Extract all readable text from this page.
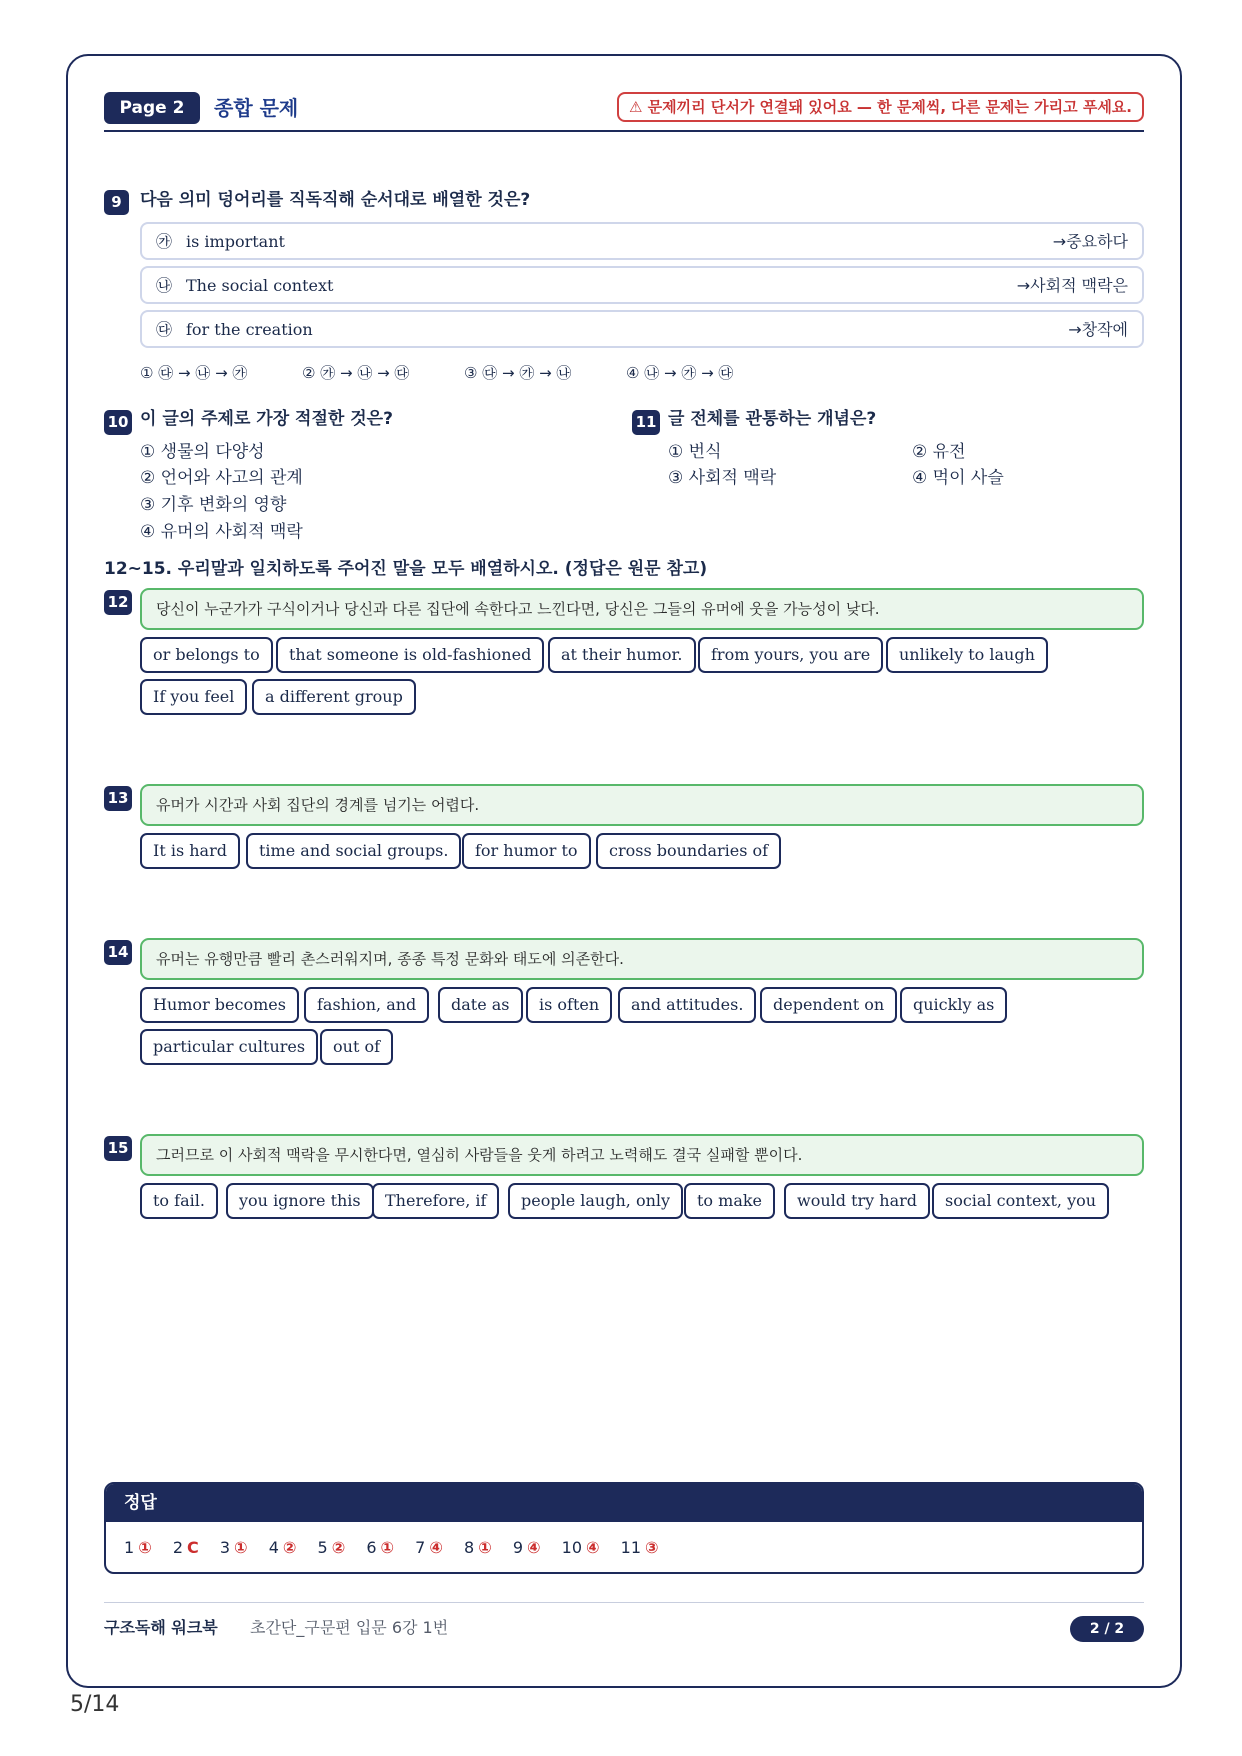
Page 2	종합 문제	⚠ 문제끼리 단서가 연결돼 있어요 — 한 문제씩, 다른 문제는 가리고 푸세요.
9	다음 의미 덩어리를 직독직해 순서대로 배열한 것은?
㉮ is important	→중요하다
㉯ The social context	→사회적 맥락은
㉰ for the creation	→창작에
① ㉰ → ㉯ → ㉮	② ㉮ → ㉯ → ㉰	③ ㉰ → ㉮ → ㉯	④ ㉯ → ㉮ → ㉰
10 이 글의 주제로 가장 적절한 것은?
① 생물의 다양성
② 언어와 사고의 관계
③ 기후 변화의 영향
④ 유머의 사회적 맥락
11 글 전체를 관통하는 개념은?
① 번식	② 유전
③ 사회적 맥락	④ 먹이 사슬
12~15. 우리말과 일치하도록 주어진 말을 모두 배열하시오. (정답은 원문 참고)
12	당신이 누군가가 구식이거나 당신과 다른 집단에 속한다고 느낀다면, 당신은 그들의 유머에 웃을 가능성이 낮다.
or belongs to	that someone is old-fashioned	at their humor.	from yours, you are	unlikely to laugh
If you feel	a different group
13	유머가 시간과 사회 집단의 경계를 넘기는 어렵다.
It is hard	time and social groups.	for humor to	cross boundaries of
14	유머는 유행만큼 빨리 촌스러워지며, 종종 특정 문화와 태도에 의존한다.
Humor becomes	fashion, and	date as	is often	and attitudes.	dependent on	quickly as
particular cultures	out of
15	그러므로 이 사회적 맥락을 무시한다면, 열심히 사람들을 웃게 하려고 노력해도 결국 실패할 뿐이다.
to fail.	you ignore this	Therefore, if	people laugh, only	to make	would try hard	social context, you
정답
1 ① 2 C 3 ① 4 ② 5 ② 6 ① 7 ④ 8 ① 9 ④ 10 ④ 11 ③
구조독해 워크북 초간단_구문편 입문 6강 1번	2 / 2
5/14
